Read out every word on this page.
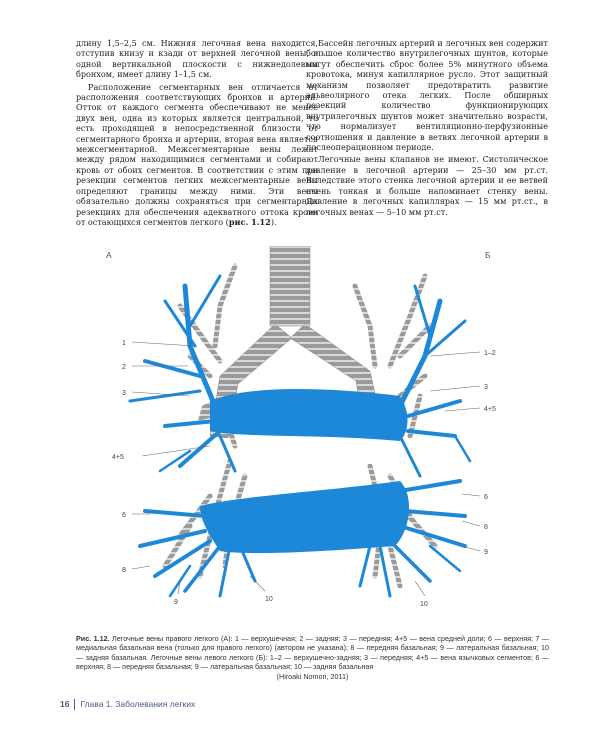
длину 1,5–2,5 см. Нижняя легочная вена находится, отступив книзу и кзади от верхней легочной вены, в одной вертикальной плоскости с нижнедолевым бронхом, имеет длину 1–1,5 см.

Расположение сегментарных вен отличается от расположения соответствующих бронхов и артерий. Отток от каждого сегмента обеспечивают не менее двух вен, одна из которых является центральной, то есть проходящей в непосредственной близости от сегментарного бронха и артерии, вторая вена является межсегментарной. Межсегментарные вены лежат между рядом находящимися сегментами и собирают кровь от обоих сегментов. В соответствии с этим при резекции сегментов легких межсегментарные вены определяют границы между ними. Эти вены обязательно должны сохраняться при сегментарных резекциях для обеспечения адекватного оттока крови от остающихся сегментов легкого (рис. 1.12).

Бассейн легочных артерий и легочных вен содержит большое количество внутрилегочных шунтов, которые могут обеспечить сброс более 5% минутного объема кровотока, минуя капиллярное русло. Этот защитный механизм позволяет предотвратить развитие альвеолярного отека легких. После обширных резекций количество функционирующих внутрилегочных шунтов может значительно возрасти, что нормализует вентиляционно-перфузионные соотношения и давление в ветвях легочной артерии в послеоперационном периоде.

Легочные вены клапанов не имеют. Систолическое давление в легочной артерии — 25–30 мм рт.ст. Вследствие этого стенка легочной артерии и ее ветвей очень тонкая и больше напоминает стенку вены. Давление в легочных капиллярах — 15 мм рт.ст., в легочных венах — 5–10 мм рт.ст.

А	Б
1
2
3
4+5
1–2
3
4+5
6
8
9	10
6
8
9
10
Рис. 1.12. Легочные вены правого легкого (А): 1 — верхушечная; 2 — задняя; 3 — передняя; 4+5 — вена средней доли; 6 — верхняя; 7 — медиальная базальная вена (только для правого легкого) (автором не указана); 8 — передняя базальная; 9 — латеральная базальная; 10 — задняя базальная. Легочные вены левого легкого (Б): 1–2 — верхушечно-задняя; 3 — передняя; 4+5 — вена язычковых сегментов; 6 — верхняя; 8 — передняя базальная; 9 — латеральная базальная; 10 — задняя базальная
(Hiroaki Nomori, 2011)
16 Глава 1. Заболевания легких
